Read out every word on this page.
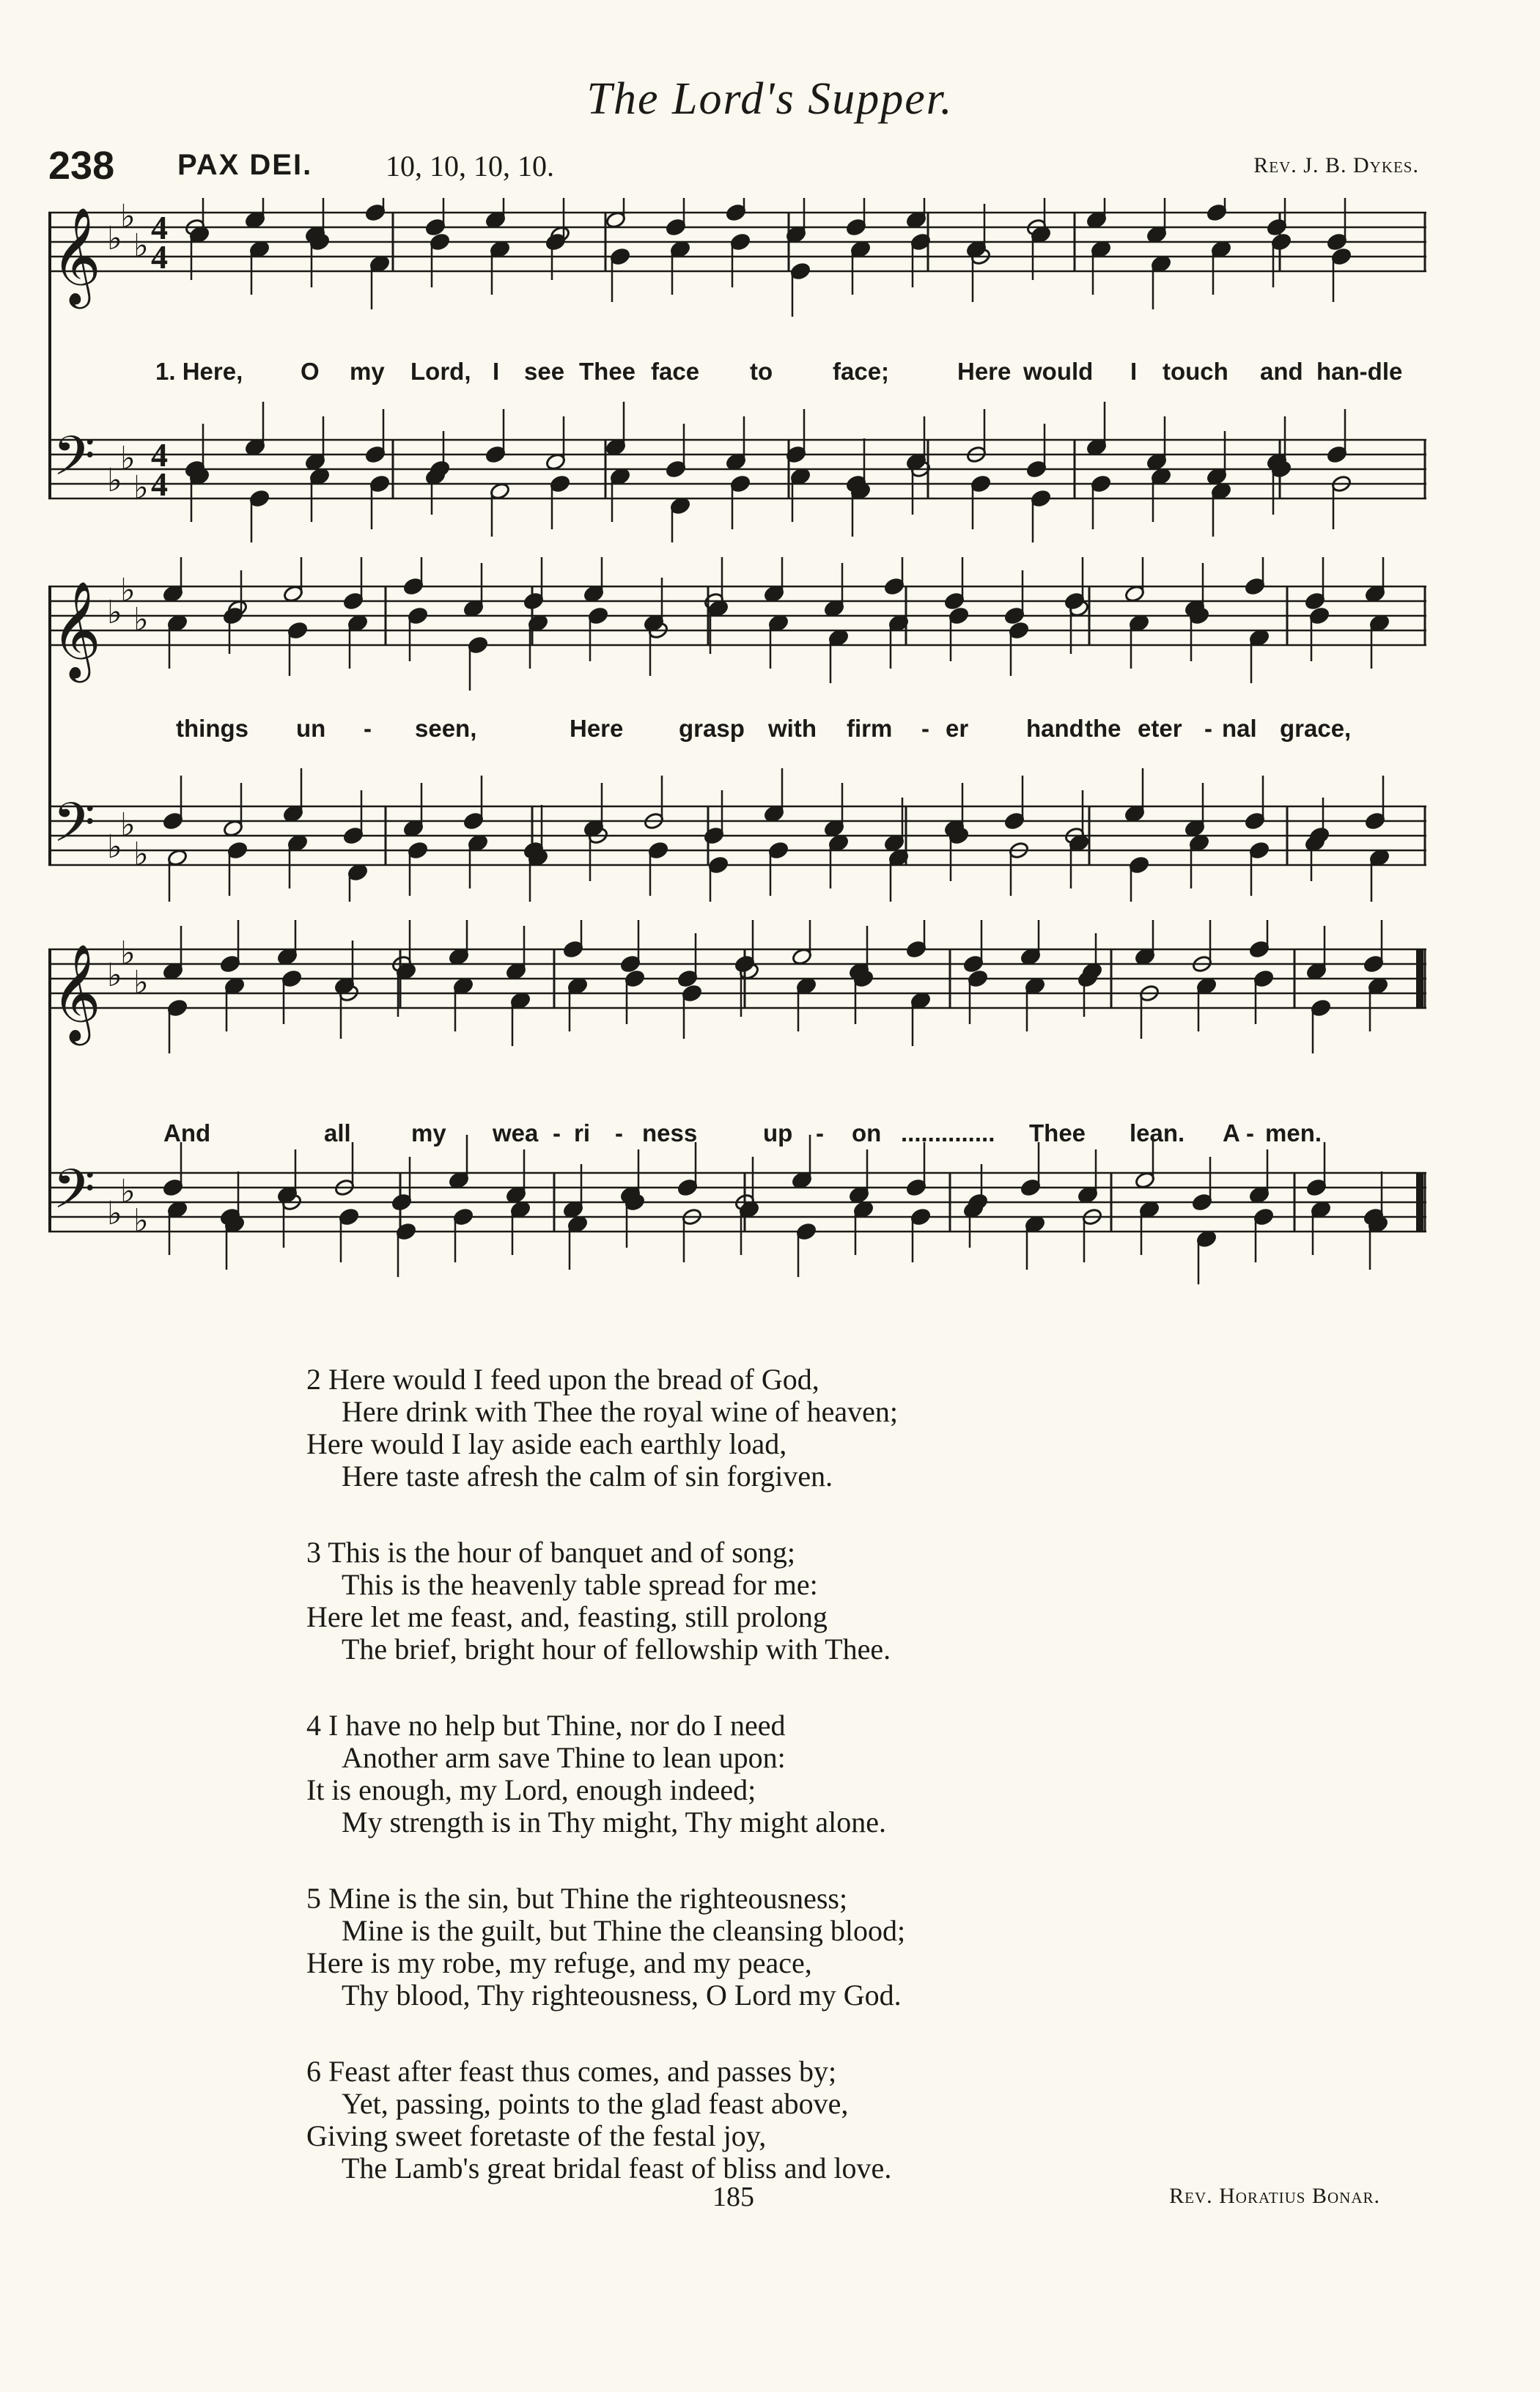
The Lord's Supper.
238 PAX DEI. 10, 10, 10, 10.	Rev. J. B. Dykes.
𝄞 ♭
♭
♭ 4
4
𝄢 ♭
♭
♭
4
4
1. Here, O my Lord, I see Thee face to face;	Here would I touch and han-dle
𝄞 ♭
♭
♭
𝄢 ♭
♭
♭
things un - seen,	Here grasp with firm - er hand the eter - nal grace,
𝄞 ♭
♭
♭
𝄢 ♭
♭
♭
And	all my wea - ri - ness	up - on .............. Thee lean. A - men.
2 Here would I feed upon the bread of God,
Here drink with Thee the royal wine of heaven;
Here would I lay aside each earthly load,
Here taste afresh the calm of sin forgiven.
3 This is the hour of banquet and of song;
This is the heavenly table spread for me:
Here let me feast, and, feasting, still prolong
The brief, bright hour of fellowship with Thee.
4 I have no help but Thine, nor do I need
Another arm save Thine to lean upon:
It is enough, my Lord, enough indeed;
My strength is in Thy might, Thy might alone.
5 Mine is the sin, but Thine the righteousness;
Mine is the guilt, but Thine the cleansing blood;
Here is my robe, my refuge, and my peace,
Thy blood, Thy righteousness, O Lord my God.
6 Feast after feast thus comes, and passes by;
Yet, passing, points to the glad feast above,
Giving sweet foretaste of the festal joy,
The Lamb's great bridal feast of bliss and love.
185	Rev. Horatius Bonar.
